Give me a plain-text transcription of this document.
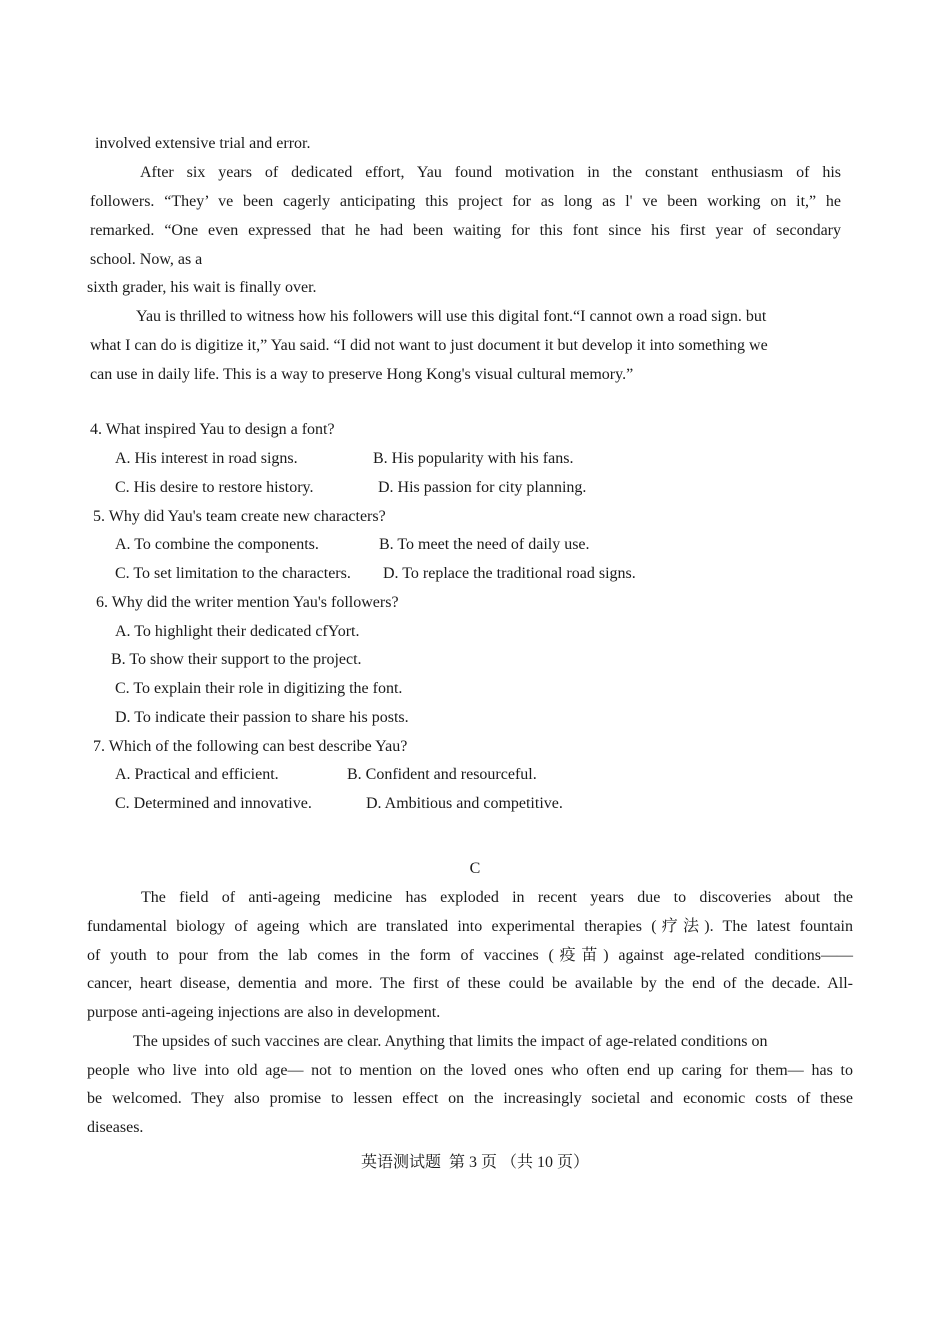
involved extensive trial and error.
After six years of dedicated effort, Yau found motivation in the constant enthusiasm of his
followers. “They’ ve been cagerly anticipating this project for as long as l' ve been working on it,” he
remarked. “One even expressed that he had been waiting for this font since his first year of secondary
school. Now, as a
sixth grader, his wait is finally over.
Yau is thrilled to witness how his followers will use this digital font.“I cannot own a road sign. but
what I can do is digitize it,” Yau said. “I did not want to just document it but develop it into something we
can use in daily life. This is a way to preserve Hong Kong's visual cultural memory.”
4. What inspired Yau to design a font?
A. His interest in road signs.	B. His popularity with his fans.
C. His desire to restore history.	D. His passion for city planning.
5. Why did Yau's team create new characters?
A. To combine the components.	B. To meet the need of daily use.
C. To set limitation to the characters. D. To replace the traditional road signs.
6. Why did the writer mention Yau's followers?
A. To highlight their dedicated cfYort.
B. To show their support to the project.
C. To explain their role in digitizing the font.
D. To indicate their passion to share his posts.
7. Which of the following can best describe Yau?
A. Practical and efficient.	B. Confident and resourceful.
C. Determined and innovative.	D. Ambitious and competitive.
C
The field of anti-ageing medicine has exploded in recent years due to discoveries about the
fundamental biology of ageing which are translated into experimental therapies (疗法). The latest fountain
of youth to pour from the lab comes in the form of vaccines (疫苗) against age-related conditions——
cancer, heart disease, dementia and more. The first of these could be available by the end of the decade. All-
purpose anti-ageing injections are also in development.
The upsides of such vaccines are clear. Anything that limits the impact of age-related conditions on
people who live into old age— not to mention on the loved ones who often end up caring for them— has to
be welcomed. They also promise to lessen effect on the increasingly societal and economic costs of these
diseases.
英语测试题  第 3 页 （共 10 页）
